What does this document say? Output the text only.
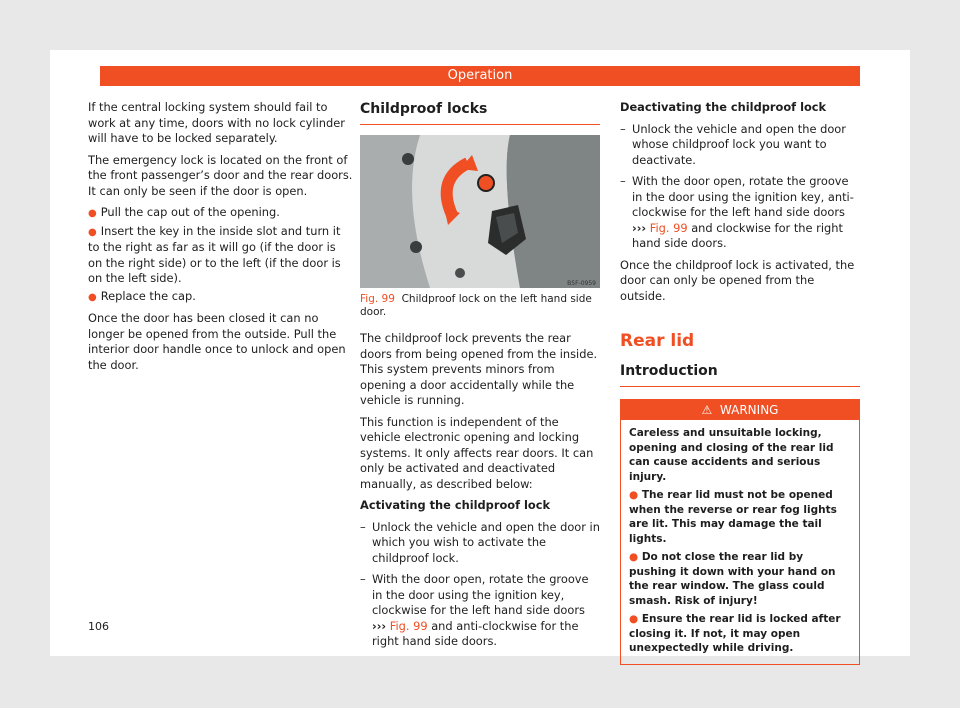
Operation

If the central locking system should fail to work at any time, doors with no lock cylinder will have to be locked separately.

The emergency lock is located on the front of the front passenger’s door and the rear doors. It can only be seen if the door is open.

● Pull the cap out of the opening.
● Insert the key in the inside slot and turn it to the right as far as it will go (if the door is on the right side) or to the left (if the door is on the left side).
● Replace the cap.

Once the door has been closed it can no longer be opened from the outside. Pull the interior door handle once to unlock and open the door.

Childproof locks
B5F-0959
Fig. 99 Childproof lock on the left hand side door.

The childproof lock prevents the rear doors from being opened from the inside. This system prevents minors from opening a door accidentally while the vehicle is running.

This function is independent of the vehicle electronic opening and locking systems. It only affects rear doors. It can only be activated and deactivated manually, as described below:

Activating the childproof lock

– Unlock the vehicle and open the door in which you wish to activate the childproof lock.
– With the door open, rotate the groove in the door using the ignition key, clockwise for the left hand side doors ››› Fig. 99 and anti-clockwise for the right hand side doors.

Deactivating the childproof lock

– Unlock the vehicle and open the door whose childproof lock you want to deactivate.
– With the door open, rotate the groove in the door using the ignition key, anti-clockwise for the left hand side doors ››› Fig. 99 and clockwise for the right hand side doors.

Once the childproof lock is activated, the door can only be opened from the outside.

Rear lid
Introduction
⚠ WARNING

Careless and unsuitable locking, opening and closing of the rear lid can cause accidents and serious injury.

● The rear lid must not be opened when the reverse or rear fog lights are lit. This may damage the tail lights.

● Do not close the rear lid by pushing it down with your hand on the rear window. The glass could smash. Risk of injury!

● Ensure the rear lid is locked after closing it. If not, it may open unexpectedly while driving.

106
